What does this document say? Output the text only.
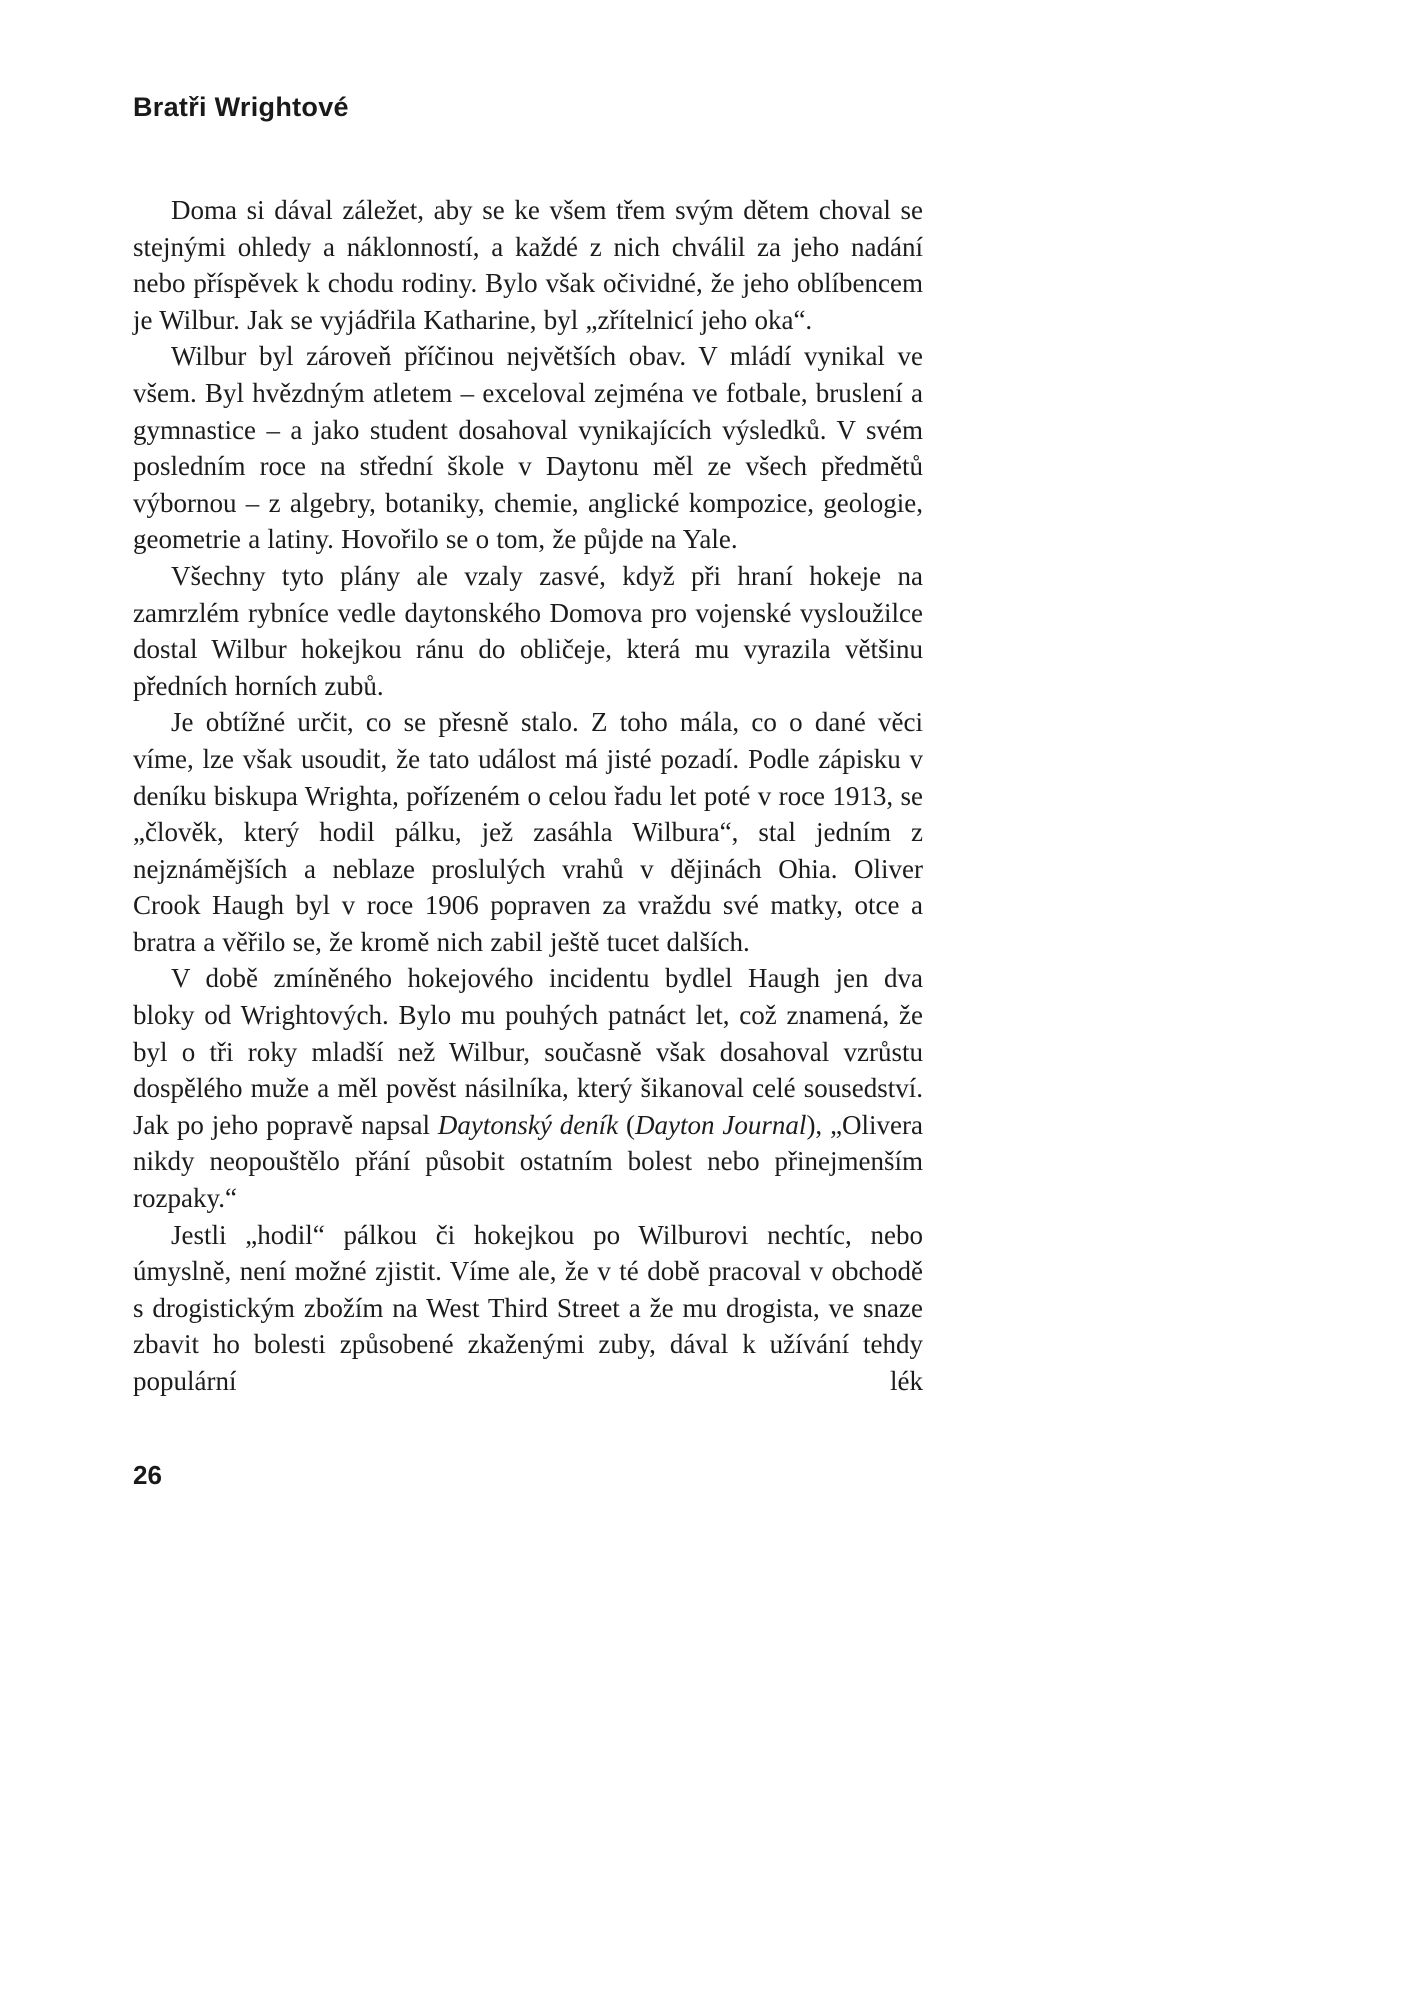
Bratři Wrightové

Doma si dával záležet, aby se ke všem třem svým dětem choval se stejnými ohledy a náklonností, a každé z nich chválil za jeho nadání nebo příspěvek k chodu rodiny. Bylo však očividné, že jeho oblíbencem je Wilbur. Jak se vyjádřila Katharine, byl „zřítelnicí jeho oka“.

Wilbur byl zároveň příčinou největších obav. V mládí vynikal ve všem. Byl hvězdným atletem – exceloval zejména ve fotbale, bruslení a gymnastice – a jako student dosahoval vynikajících výsledků. V svém posledním roce na střední škole v Daytonu měl ze všech předmětů výbornou – z algebry, botaniky, chemie, anglické kompozice, geologie, geometrie a latiny. Hovořilo se o tom, že půjde na Yale.

Všechny tyto plány ale vzaly zasvé, když při hraní hokeje na zamrzlém rybníce vedle daytonského Domova pro vojenské vysloužilce dostal Wilbur hokejkou ránu do obličeje, která mu vyrazila většinu předních horních zubů.

Je obtížné určit, co se přesně stalo. Z toho mála, co o dané věci víme, lze však usoudit, že tato událost má jisté pozadí. Podle zápisku v deníku biskupa Wrighta, pořízeném o celou řadu let poté v roce 1913, se „člověk, který hodil pálku, jež zasáhla Wilbura“, stal jedním z nejznámějších a neblaze proslulých vrahů v dějinách Ohia. Oliver Crook Haugh byl v roce 1906 popraven za vraždu své matky, otce a bratra a věřilo se, že kromě nich zabil ještě tucet dalších.

V době zmíněného hokejového incidentu bydlel Haugh jen dva bloky od Wrightových. Bylo mu pouhých patnáct let, což znamená, že byl o tři roky mladší než Wilbur, současně však dosahoval vzrůstu dospělého muže a měl pověst násilníka, který šikanoval celé sousedství. Jak po jeho popravě napsal Daytonský deník (Dayton Journal), „Olivera nikdy neopouštělo přání působit ostatním bolest nebo přinejmenším rozpaky.“

Jestli „hodil“ pálkou či hokejkou po Wilburovi nechtíc, nebo úmyslně, není možné zjistit. Víme ale, že v té době pracoval v obchodě s drogistickým zbožím na West Third Street a že mu drogista, ve snaze zbavit ho bolesti způsobené zkaženými zuby, dával k užívání tehdy populární lék

26
